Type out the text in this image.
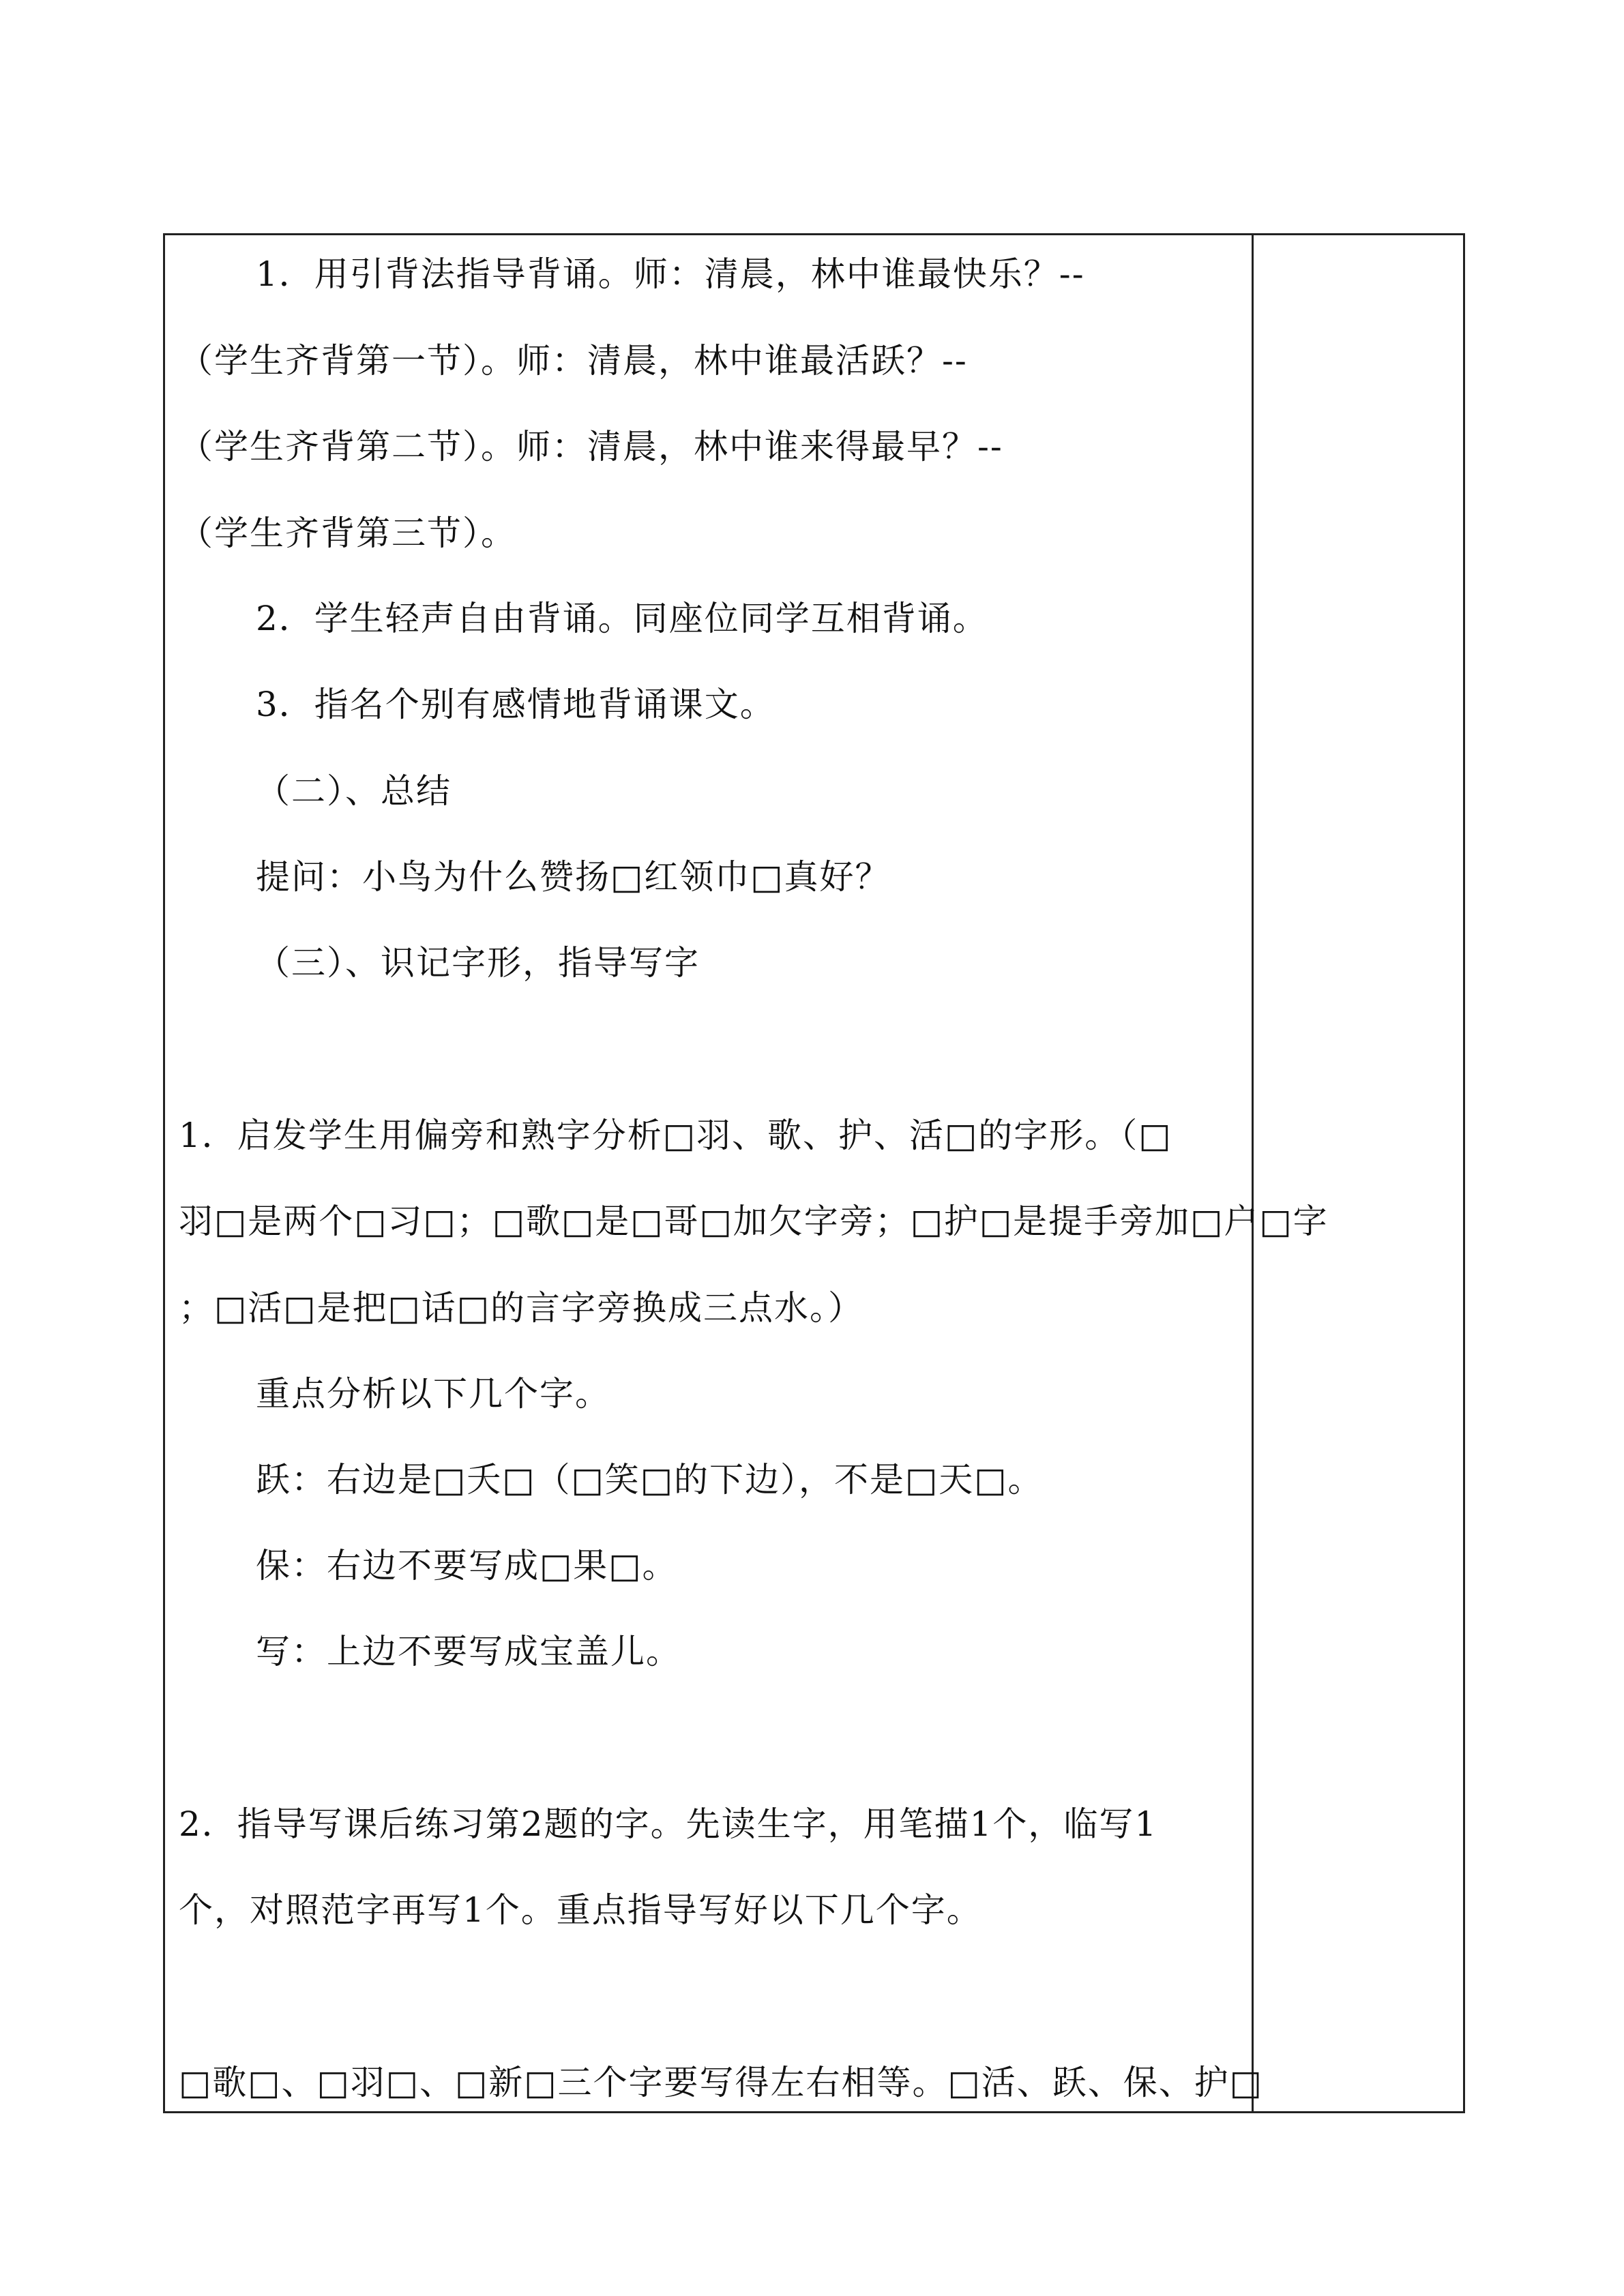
1．用引背法指导背诵。师：清晨，林中谁最快乐？--
（学生齐背第一节）。师：清晨，林中谁最活跃？--
（学生齐背第二节）。师：清晨，林中谁来得最早？--
（学生齐背第三节）。
2．学生轻声自由背诵。同座位同学互相背诵。
3．指名个别有感情地背诵课文。
（二）、总结
提问：小鸟为什么赞扬□红领巾□真好？
（三）、识记字形，指导写字
1．启发学生用偏旁和熟字分析□羽、歌、护、活□的字形。（□
羽□是两个□习□；□歌□是□哥□加欠字旁；□护□是提手旁加□户□字
；□活□是把□话□的言字旁换成三点水。）
重点分析以下几个字。
跃：右边是□夭□（□笑□的下边），不是□天□。
保：右边不要写成□果□。
写：上边不要写成宝盖儿。
2．指导写课后练习第2题的字。先读生字，用笔描1个，临写1
个，对照范字再写1个。重点指导写好以下几个字。
□歌□、□羽□、□新□三个字要写得左右相等。□活、跃、保、护□
